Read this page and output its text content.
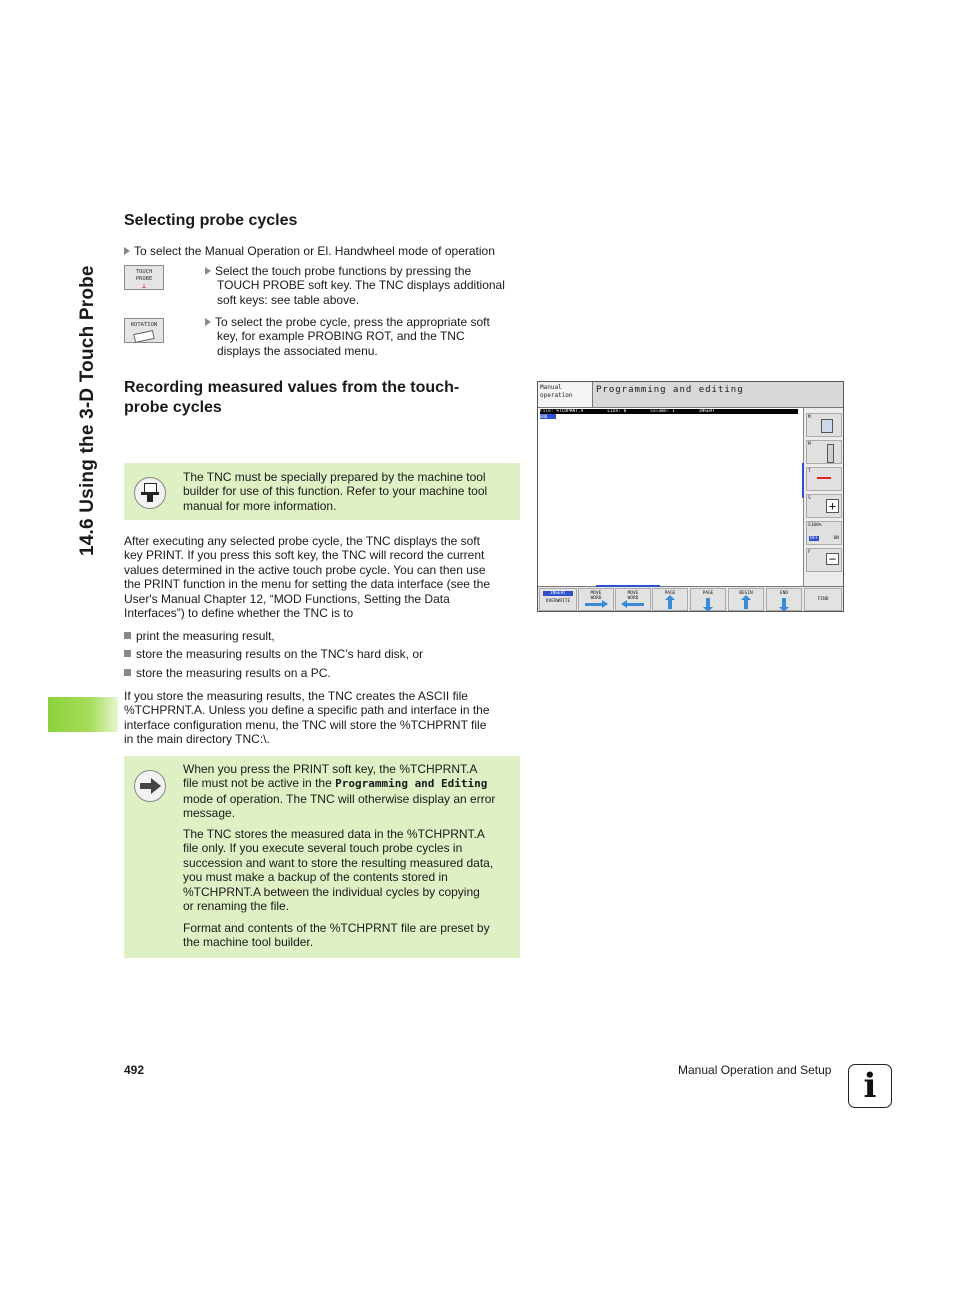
14.6 Using the 3-D Touch Probe
Selecting probe cycles
To select the Manual Operation or El. Handwheel mode of operation
TOUCH
PROBE
⊥
Select the touch probe functions by pressing the
TOUCH PROBE soft key. The TNC displays additional
soft keys: see table above.
ROTATION	To select the probe cycle, press the appropriate soft
key, for example PROBING ROT, and the TNC
displays the associated menu.
Recording measured values from the touch-
probe cycles
The TNC must be specially prepared by the machine tool
builder for use of this function. Refer to your machine tool
manual for more information.
After executing any selected probe cycle, the TNC displays the soft
key PRINT. If you press this soft key, the TNC will record the current
values determined in the active touch probe cycle. You can then use
the PRINT function in the menu for setting the data interface (see the
User's Manual Chapter 12, “MOD Functions, Setting the Data
Interfaces”) to define whether the TNC is to
print the measuring result,
store the measuring results on the TNC’s hard disk, or
store the measuring results on a PC.
If you store the measuring results, the TNC creates the ASCII file
%TCHPRNT.A. Unless you define a specific path and interface in the
interface configuration menu, the TNC will store the %TCHPRNT file
in the main directory TNC:\.
When you press the PRINT soft key, the %TCHPRNT.A
file must not be active in the Programming and Editing
mode of operation. The TNC will otherwise display an error
message.
The TNC stores the measured data in the %TCHPRNT.A
file only. If you execute several touch probe cycles in
succession and want to store the resulting measured data,
you must make a backup of the contents stored in
%TCHPRNT.A between the individual cycles by copying
or renaming the file.
Format and contents of the %TCHPRNT file are preset by
the machine tool builder.
Manual
operation
Programming and editing
File: %TCHPRNT.A	Line: 0	Column: 1	INSERT
END	M
M
T
S
+
S100%
OFF	ON
F −
INSERT
OVERWRITE
MOVE
WORD
MOVE
WORD
PAGE	PAGE	BEGIN	END
FIND
492	Manual Operation and Setup i
